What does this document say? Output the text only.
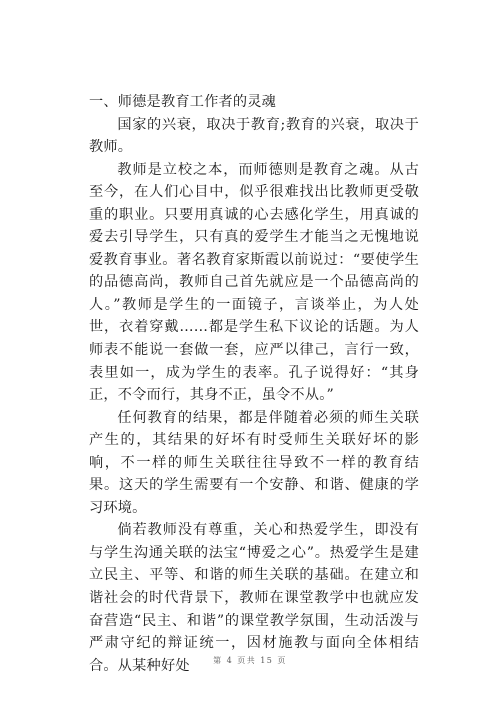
一、师德是教育工作者的灵魂

国家的兴衰，取决于教育;教育的兴衰，取决于教师。

教师是立校之本，而师德则是教育之魂。从古至今，在人们心目中，似乎很难找出比教师更受敬重的职业。只要用真诚的心去感化学生，用真诚的爱去引导学生，只有真的爱学生才能当之无愧地说爱教育事业。著名教育家斯霞以前说过：“要使学生的品德高尚，教师自己首先就应是一个品德高尚的人。”教师是学生的一面镜子，言谈举止，为人处世，衣着穿戴……都是学生私下议论的话题。为人师表不能说一套做一套，应严以律己，言行一致，表里如一，成为学生的表率。孔子说得好：“其身正，不令而行，其身不正，虽令不从。”

任何教育的结果，都是伴随着必须的师生关联产生的，其结果的好坏有时受师生关联好坏的影响，不一样的师生关联往往导致不一样的教育结果。这天的学生需要有一个安静、和谐、健康的学习环境。

倘若教师没有尊重，关心和热爱学生，即没有与学生沟通关联的法宝“博爱之心”。热爱学生是建立民主、平等、和谐的师生关联的基础。在建立和谐社会的时代背景下，教师在课堂教学中也就应发奋营造“民主、和谐”的课堂教学氛围，生动活泼与严肃守纪的辩证统一，因材施教与面向全体相结合。从某种好处	第 4 页共 15 页
